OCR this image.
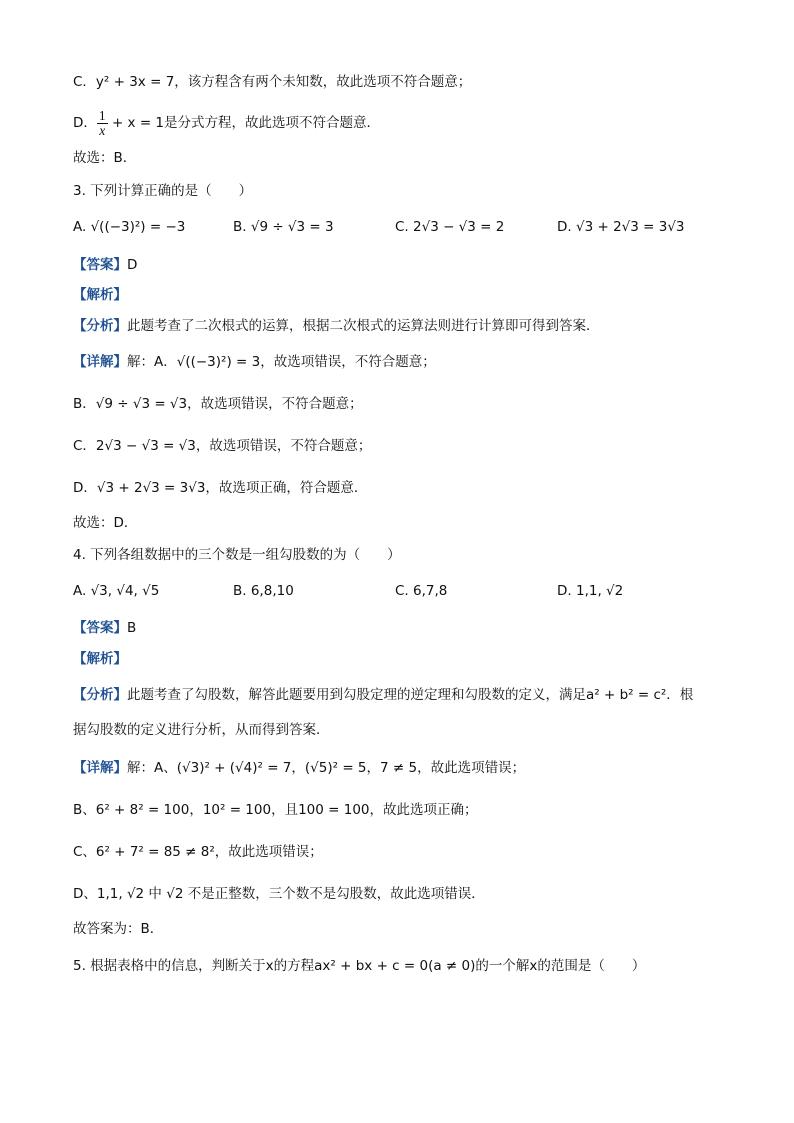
C．y² + 3x = 7，该方程含有两个未知数，故此选项不符合题意；
D． $\frac{1}{x} + x = 1$是分式方程，故此选项不符合题意．
故选：B．
3. 下列计算正确的是（　　）
A. √((−3)²) = −3	B. √9 ÷ √3 = 3	C. 2√3 − √3 = 2	D. √3 + 2√3 = 3√3
【答案】D
【解析】
【分析】此题考查了二次根式的运算，根据二次根式的运算法则进行计算即可得到答案．
【详解】解：A．√((−3)²) = 3，故选项错误，不符合题意；
B．√9 ÷ √3 = √3，故选项错误，不符合题意；
C．2√3 − √3 = √3，故选项错误，不符合题意；
D．√3 + 2√3 = 3√3，故选项正确，符合题意．
故选：D．
4. 下列各组数据中的三个数是一组勾股数的为（　　）
A. √3, √4, √5	B. 6,8,10	C. 6,7,8	D. 1,1, √2
【答案】B
【解析】
【分析】此题考查了勾股数，解答此题要用到勾股定理的逆定理和勾股数的定义，满足a² + b² = c²．根
据勾股数的定义进行分析，从而得到答案．
【详解】解：A、(√3)² + (√4)² = 7，(√5)² = 5，7 ≠ 5，故此选项错误；
B、6² + 8² = 100，10² = 100，且100 = 100，故此选项正确；
C、6² + 7² = 85 ≠ 8²，故此选项错误；
D、1,1, √2 中 √2 不是正整数，三个数不是勾股数，故此选项错误．
故答案为：B．
5. 根据表格中的信息，判断关于x的方程ax² + bx + c = 0(a ≠ 0)的一个解x的范围是（　　）
